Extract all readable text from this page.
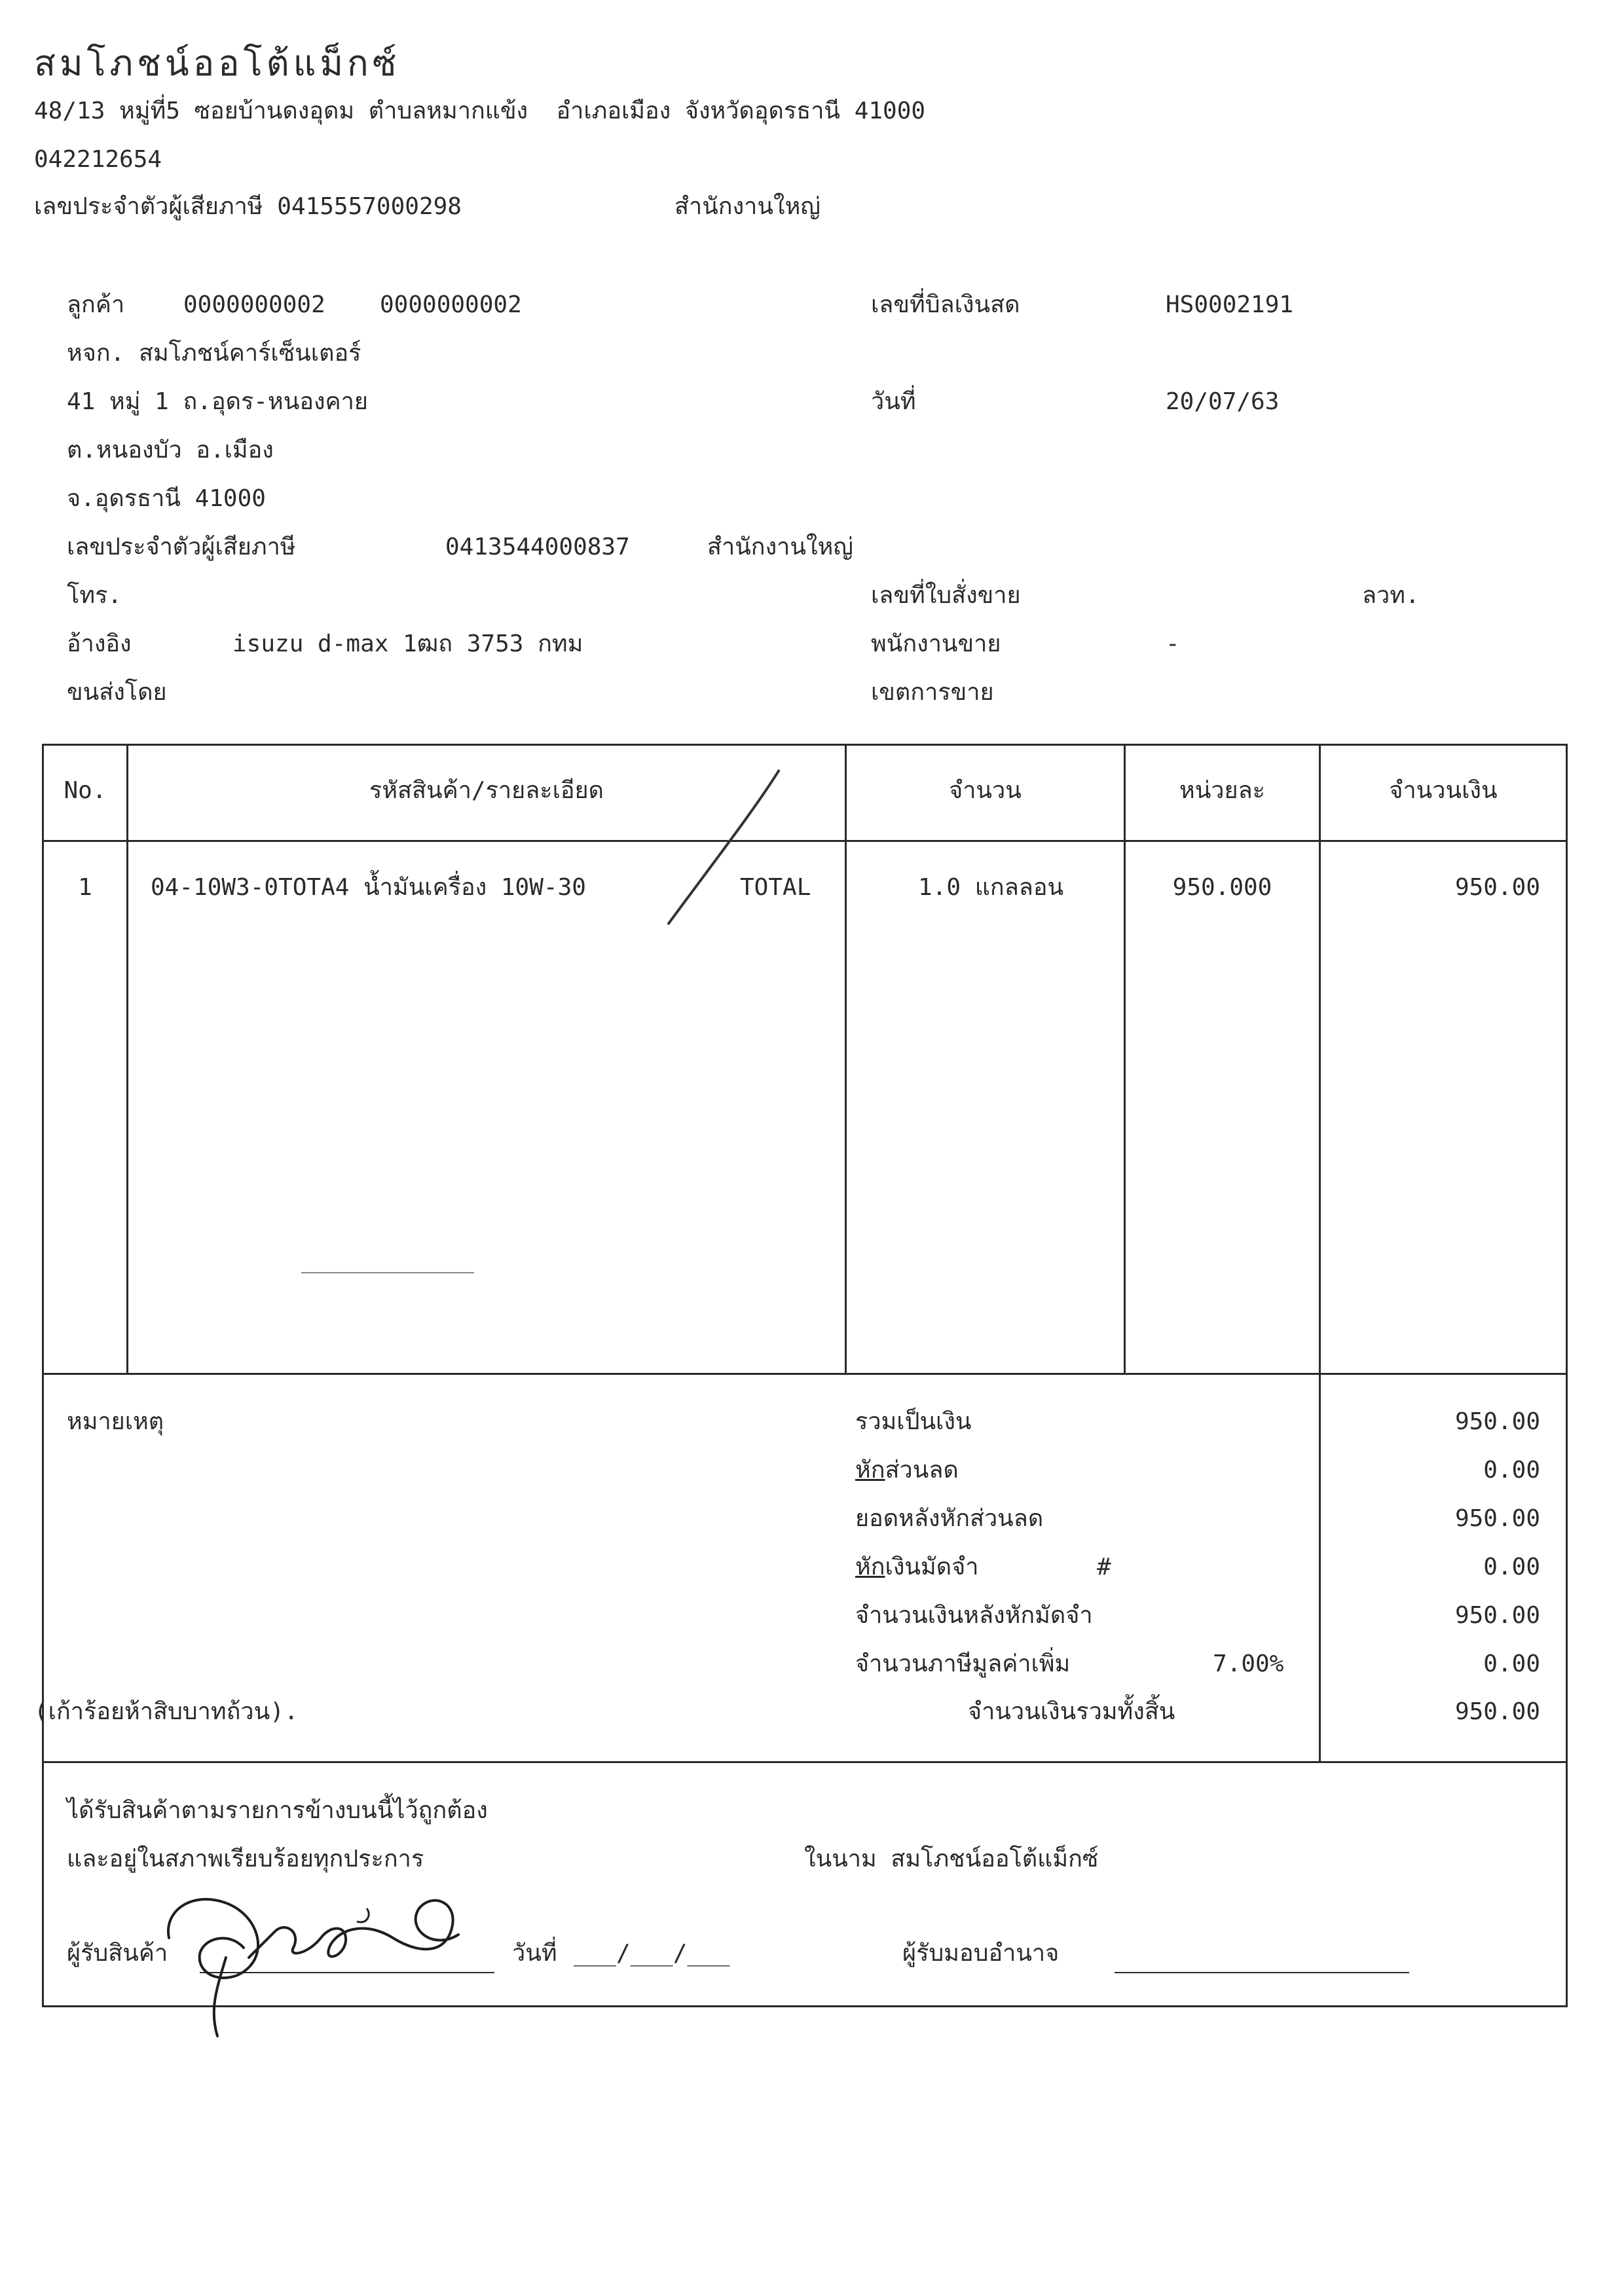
สมโภชน์ออโต้แม็กซ์
48/13 หมู่ที่5 ซอยบ้านดงอุดม ตำบลหมากแข้ง  อำเภอเมือง จังหวัดอุดรธานี 41000
042212654
เลขประจำตัวผู้เสียภาษี 0415557000298	สำนักงานใหญ่
ลูกค้า 0000000002 0000000002
หจก. สมโภชน์คาร์เซ็นเตอร์
41 หมู่ 1 ถ.อุดร-หนองคาย
ต.หนองบัว อ.เมือง
จ.อุดรธานี 41000
เลขประจำตัวผู้เสียภาษี	0413544000837	สำนักงานใหญ่
โทร.
อ้างอิง	isuzu d-max 1ฒถ 3753 กทม
ขนส่งโดย
เลขที่บิลเงินสด	HS0002191
วันที่	20/07/63
เลขที่ใบสั่งขาย	ลวท.
พนักงานขาย	-
เขตการขาย
No.	รหัสสินค้า/รายละเอียด	จำนวน	หน่วยละ	จำนวนเงิน
1	04-10W3-0TOTA4 น้ำมันเครื่อง 10W-30	TOTAL	1.0 แกลลอน	950.000	950.00
หมายเหตุ
(เก้าร้อยห้าสิบบาทถ้วน).
รวมเป็นเงิน	950.00
หักส่วนลด	0.00
ยอดหลังหักส่วนลด	950.00
หักเงินมัดจำ	#	0.00
จำนวนเงินหลังหักมัดจำ	950.00
จำนวนภาษีมูลค่าเพิ่ม	7.00%	0.00
จำนวนเงินรวมทั้งสิ้น	950.00
ได้รับสินค้าตามรายการข้างบนนี้ไว้ถูกต้อง
และอยู่ในสภาพเรียบร้อยทุกประการ	ในนาม สมโภชน์ออโต้แม็กซ์
ผู้รับสินค้า	วันที่ ___/___/___	ผู้รับมอบอำนาจ
